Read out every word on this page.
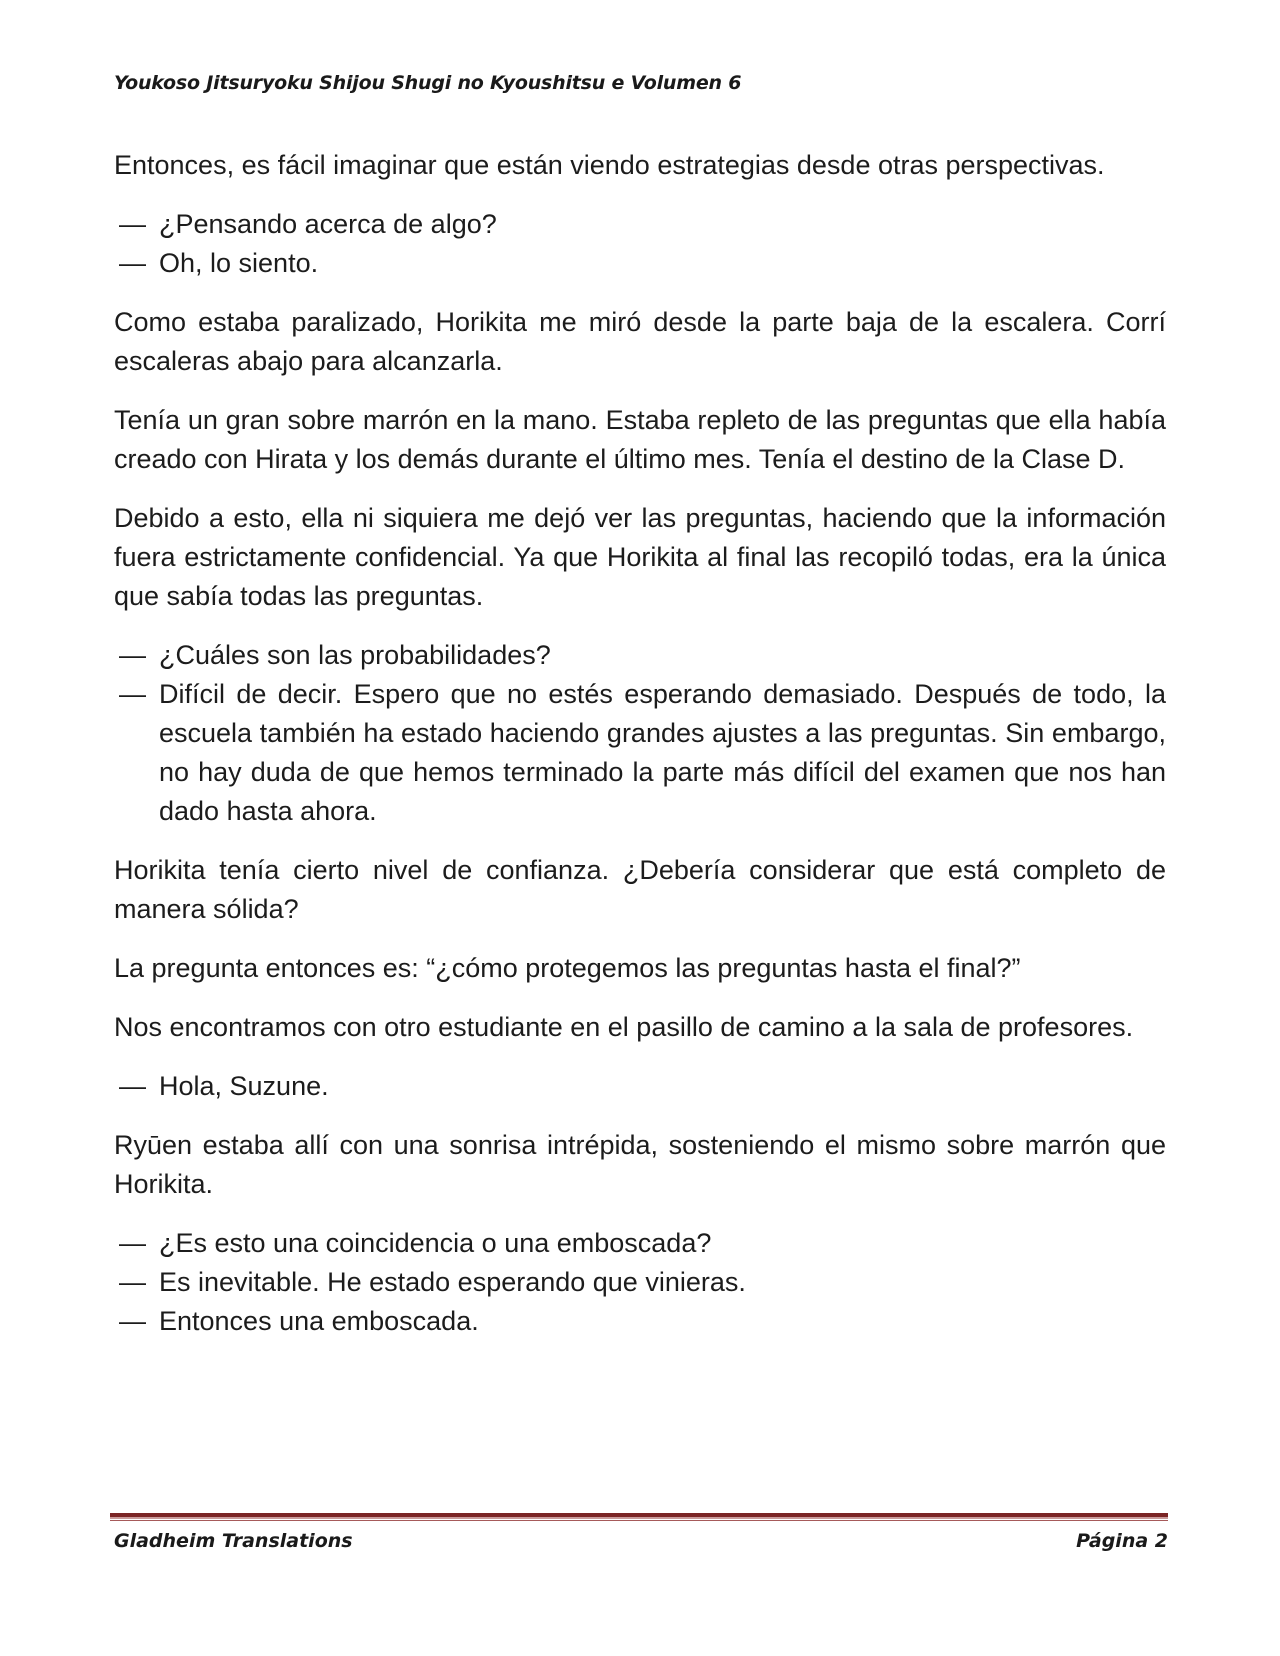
Youkoso Jitsuryoku Shijou Shugi no Kyoushitsu e Volumen 6

Entonces, es fácil imaginar que están viendo estrategias desde otras perspectivas.

— ¿Pensando acerca de algo?
— Oh, lo siento.

Como estaba paralizado, Horikita me miró desde la parte baja de la escalera. Corrí escaleras abajo para alcanzarla.

Tenía un gran sobre marrón en la mano. Estaba repleto de las preguntas que ella había creado con Hirata y los demás durante el último mes. Tenía el destino de la Clase D.

Debido a esto, ella ni siquiera me dejó ver las preguntas, haciendo que la información fuera estrictamente confidencial. Ya que Horikita al final las recopiló todas, era la única que sabía todas las preguntas.

— ¿Cuáles son las probabilidades?
— Difícil de decir. Espero que no estés esperando demasiado. Después de todo, la escuela también ha estado haciendo grandes ajustes a las preguntas. Sin embargo, no hay duda de que hemos terminado la parte más difícil del examen que nos han dado hasta ahora.

Horikita tenía cierto nivel de confianza. ¿Debería considerar que está completo de manera sólida?

La pregunta entonces es: “¿cómo protegemos las preguntas hasta el final?”

Nos encontramos con otro estudiante en el pasillo de camino a la sala de profesores.

— Hola, Suzune.

Ryūen estaba allí con una sonrisa intrépida, sosteniendo el mismo sobre marrón que Horikita.

— ¿Es esto una coincidencia o una emboscada?
— Es inevitable. He estado esperando que vinieras.
— Entonces una emboscada.
Gladheim Translations	Página 2
